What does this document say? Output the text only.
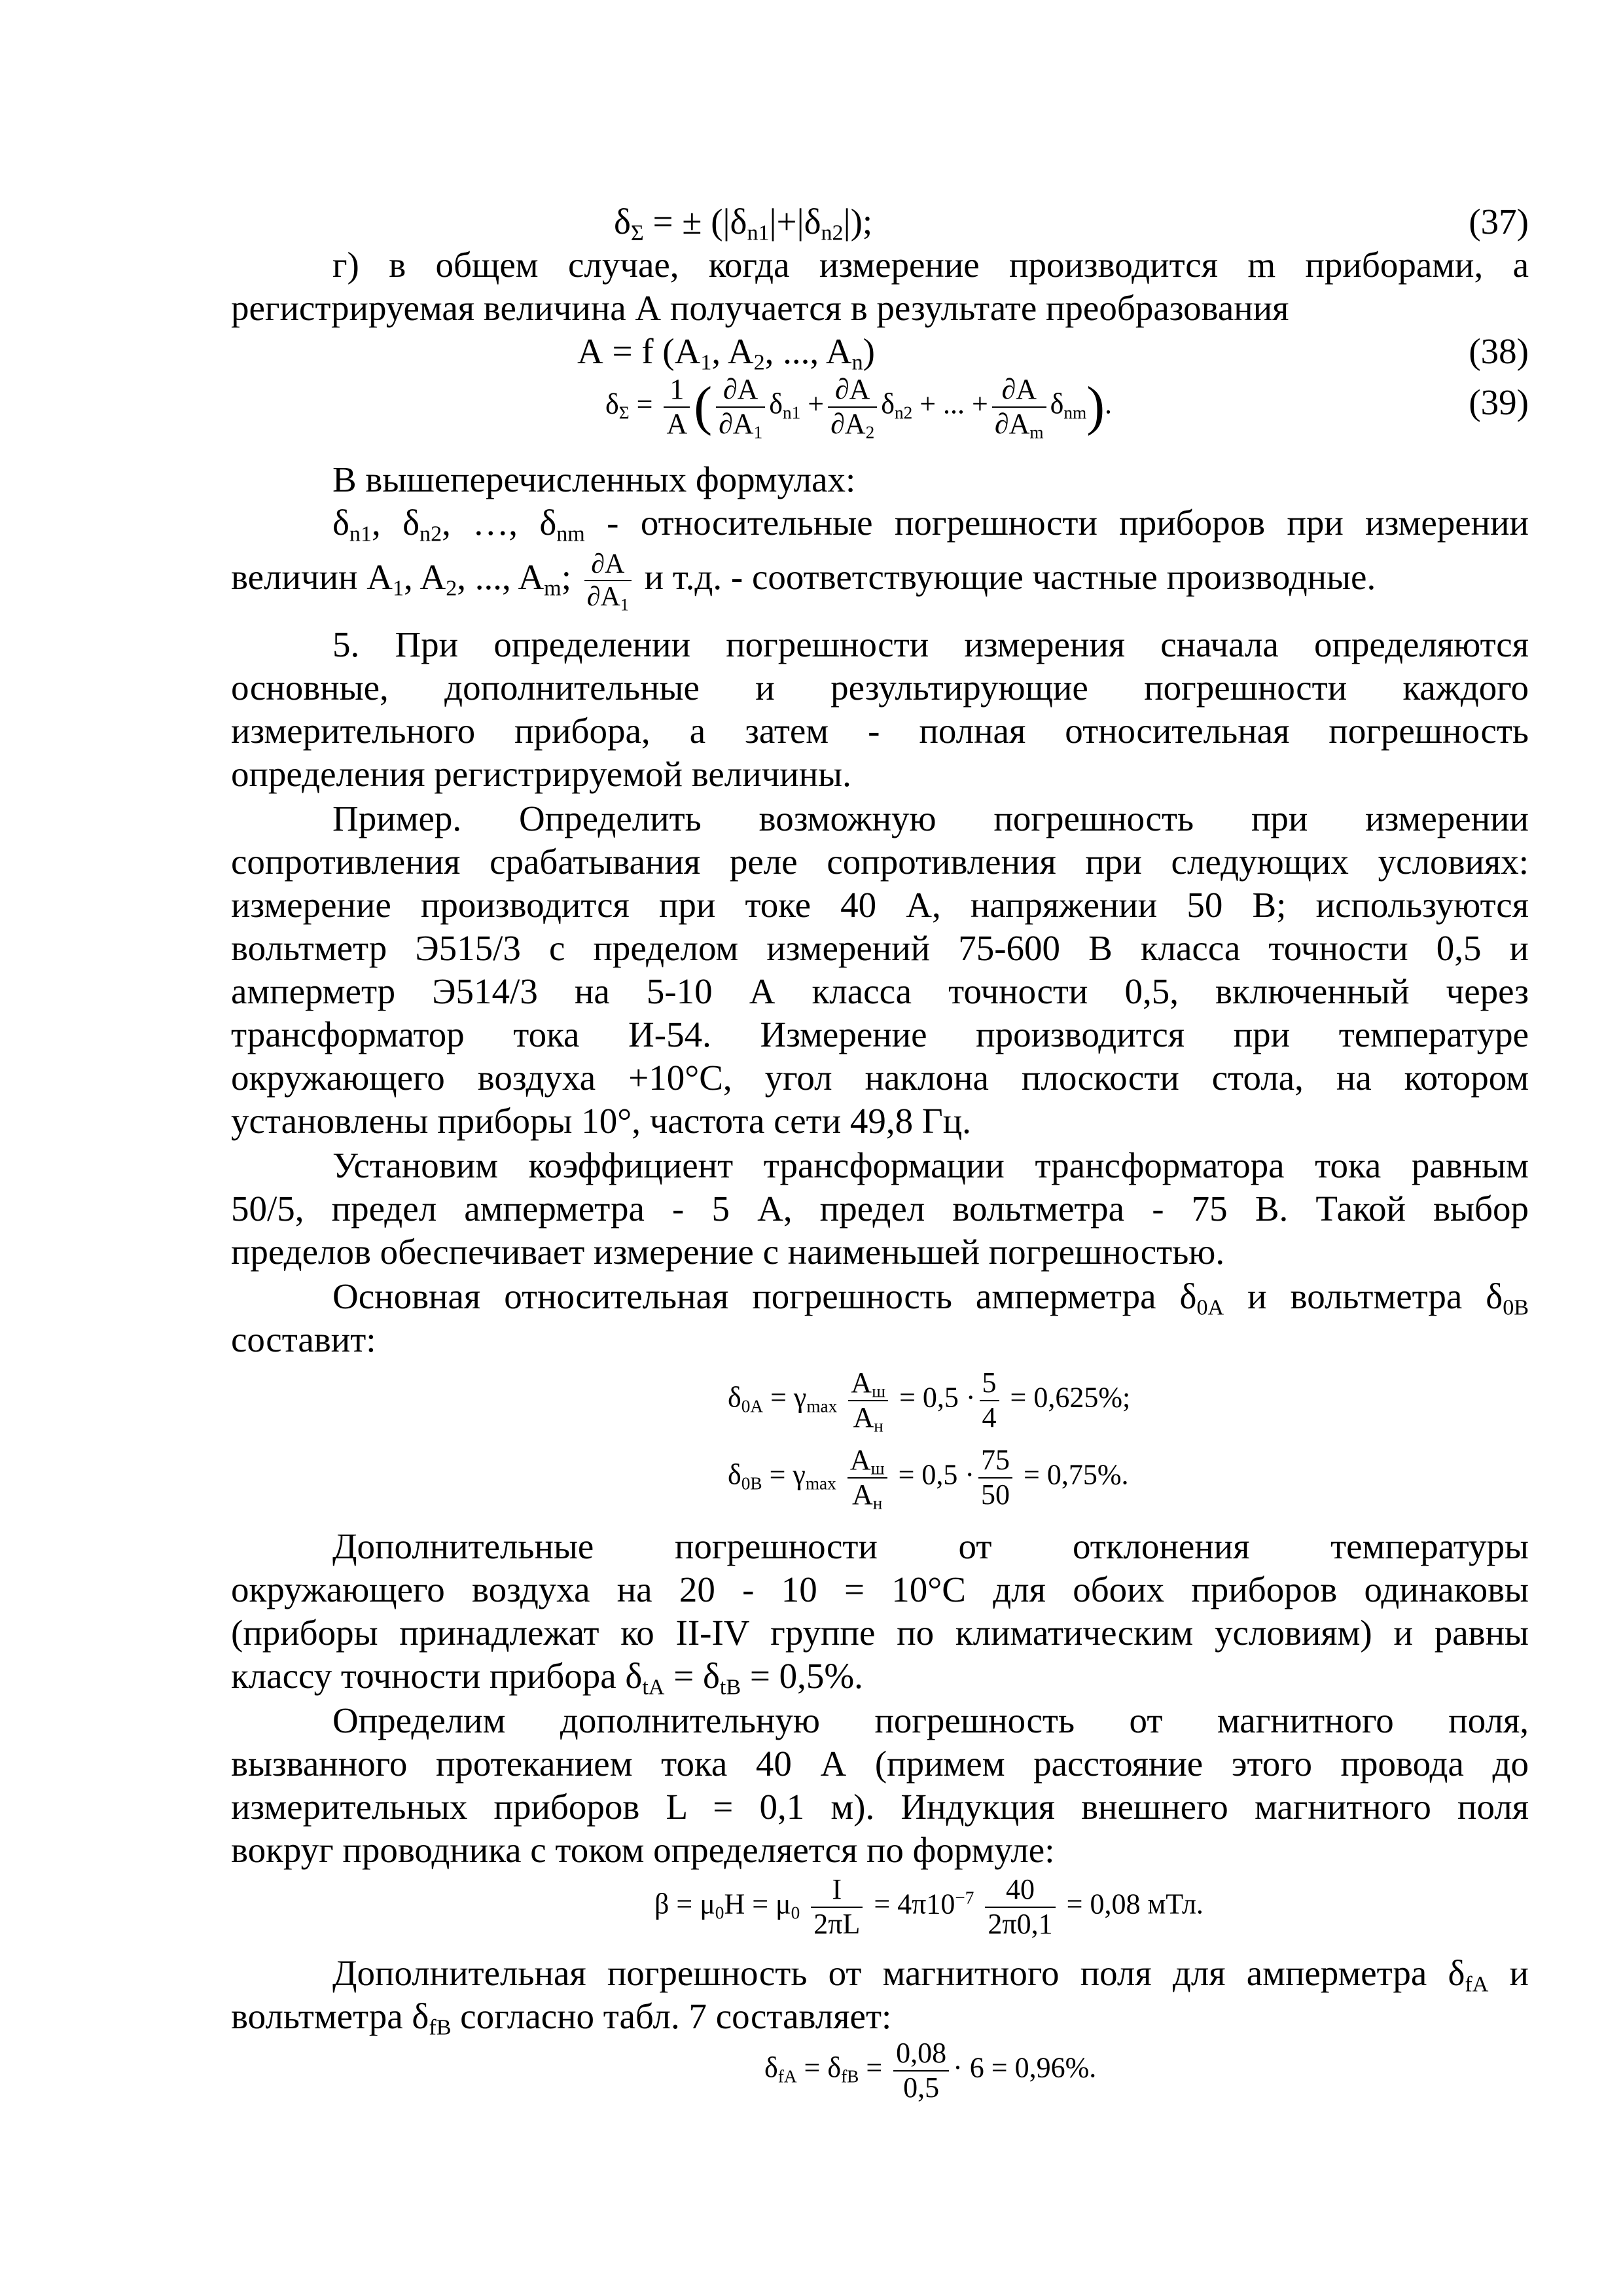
$\delta_\Sigma$ = ± $(|\delta_{n1}|+|\delta_{n2}|)$;	(37)
г) в общем случае, когда измерение производится m приборами, а
регистрируемая величина А получается в результате преобразования
А = f ($A_1$, $A_2$, ..., $A_n$)	(38)
$\delta_\Sigma = \frac{1}{A}$ ( $\frac{\partial A}{\partial A_1} \delta_{n1} + \frac{\partial A}{\partial A_2} \delta_{n2}$ + ... + $\frac{\partial A}{\partial A_m} \delta_{nm}$).	(39)
В вышеперечисленных формулах:
$\delta_{n1}$, $\delta_{n2}$, …, $\delta_{nm}$ - относительные погрешности приборов при измерении
величин $A_1$, $A_2$, ..., $A_m$; $\frac{\partial A}{\partial A_1}$ и т.д. - соответствующие частные производные.
5. При определении погрешности измерения сначала определяются
основные, дополнительные и результирующие погрешности каждого
измерительного прибора, а затем - полная относительная погрешность
определения регистрируемой величины.
Пример. Определить возможную погрешность при измерении
сопротивления срабатывания реле сопротивления при следующих условиях:
измерение производится при токе 40 А, напряжении 50 В; используются
вольтметр Э515/3 с пределом измерений 75-600 В класса точности 0,5 и
амперметр Э514/3 на 5-10 А класса точности 0,5, включенный через
трансформатор тока И-54. Измерение производится при температуре
окружающего воздуха +10°С, угол наклона плоскости стола, на котором
установлены приборы 10°, частота сети 49,8 Гц.
Установим коэффициент трансформации трансформатора тока равным
50/5, предел амперметра - 5 А, предел вольтметра - 75 В. Такой выбор
пределов обеспечивает измерение с наименьшей погрешностью.
Основная относительная погрешность амперметра $\delta_{0А}$ и вольтметра $\delta_{0В}$
составит:
$\delta_{0A} = \gamma_{max} \frac{A_ш}{A_н} = 0,5 \cdot \frac{5}{4} = 0,625\%$;
$\delta_{0B} = \gamma_{max} \frac{A_ш}{A_н} = 0,5 \cdot \frac{75}{50} = 0,75\%$.
Дополнительные погрешности от отклонения температуры
окружающего воздуха на 20 - 10 = 10°С для обоих приборов одинаковы
(приборы принадлежат ко II-IV группе по климатическим условиям) и равны
классу точности прибора $\delta_{tA} = \delta_{tB} = 0,5\%$.
Определим дополнительную погрешность от магнитного поля,
вызванного протеканием тока 40 А (примем расстояние этого провода до
измерительных приборов L = 0,1 м). Индукция внешнего магнитного поля
вокруг проводника с током определяется по формуле:
$\beta = \mu_0H = \mu_0 \frac{I}{2\pi L} = 4\pi 10^{-7} \frac{40}{2\pi 0,1} = 0,08$ мТл.
Дополнительная погрешность от магнитного поля для амперметра $\delta_{fA}$ и
вольтметра $\delta_{fB}$ согласно табл. 7 составляет:
$\delta_{fA} = \delta_{fB} = \frac{0,08}{0,5} \cdot 6 = 0,96\%$.
